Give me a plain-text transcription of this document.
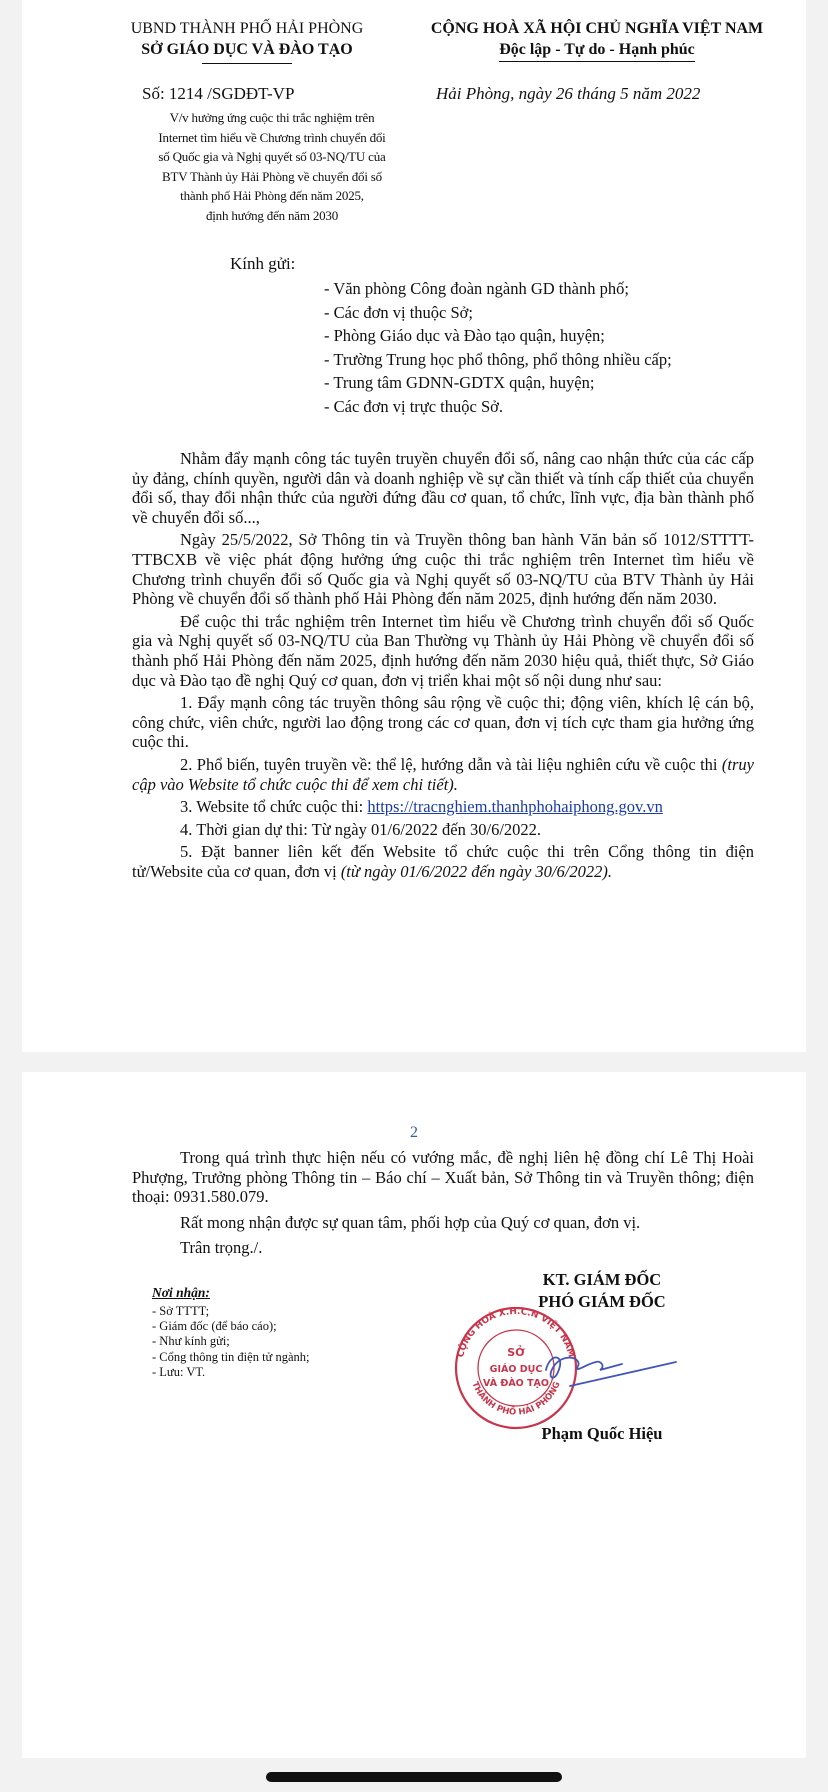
UBND THÀNH PHỐ HẢI PHÒNG
SỞ GIÁO DỤC VÀ ĐÀO TẠO
CỘNG HOÀ XÃ HỘI CHỦ NGHĨA VIỆT NAM
Độc lập - Tự do - Hạnh phúc
Số: 1214 /SGDĐT-VP	Hải Phòng, ngày 26 tháng 5 năm 2022
V/v hưởng ứng cuộc thi trắc nghiệm trên
Internet tìm hiểu về Chương trình chuyển đổi
số Quốc gia và Nghị quyết số 03-NQ/TU của
BTV Thành ủy Hải Phòng về chuyển đổi số
thành phố Hải Phòng đến năm 2025,
định hướng đến năm 2030
Kính gửi:
- Văn phòng Công đoàn ngành GD thành phố;
- Các đơn vị thuộc Sở;
- Phòng Giáo dục và Đào tạo quận, huyện;
- Trường Trung học phổ thông, phổ thông nhiều cấp;
- Trung tâm GDNN-GDTX quận, huyện;
- Các đơn vị trực thuộc Sở.

Nhằm đẩy mạnh công tác tuyên truyền chuyển đổi số, nâng cao nhận thức của các cấp ủy đảng, chính quyền, người dân và doanh nghiệp về sự cần thiết và tính cấp thiết của chuyển đổi số, thay đổi nhận thức của người đứng đầu cơ quan, tổ chức, lĩnh vực, địa bàn thành phố về chuyển đổi số...,

Ngày 25/5/2022, Sở Thông tin và Truyền thông ban hành Văn bản số 1012/STTTT-TTBCXB về việc phát động hưởng ứng cuộc thi trắc nghiệm trên Internet tìm hiểu về Chương trình chuyển đổi số Quốc gia và Nghị quyết số 03-NQ/TU của BTV Thành ủy Hải Phòng về chuyển đổi số thành phố Hải Phòng đến năm 2025, định hướng đến năm 2030.

Để cuộc thi trắc nghiệm trên Internet tìm hiểu về Chương trình chuyển đổi số Quốc gia và Nghị quyết số 03-NQ/TU của Ban Thường vụ Thành ủy Hải Phòng về chuyển đổi số thành phố Hải Phòng đến năm 2025, định hướng đến năm 2030 hiệu quả, thiết thực, Sở Giáo dục và Đào tạo đề nghị Quý cơ quan, đơn vị triển khai một số nội dung như sau:

1. Đẩy mạnh công tác truyền thông sâu rộng về cuộc thi; động viên, khích lệ cán bộ, công chức, viên chức, người lao động trong các cơ quan, đơn vị tích cực tham gia hưởng ứng cuộc thi.

2. Phổ biến, tuyên truyền về: thể lệ, hướng dẫn và tài liệu nghiên cứu về cuộc thi (truy cập vào Website tổ chức cuộc thi để xem chi tiết).

3. Website tổ chức cuộc thi: https://tracnghiem.thanhphohaiphong.gov.vn

4. Thời gian dự thi: Từ ngày 01/6/2022 đến 30/6/2022.

5. Đặt banner liên kết đến Website tổ chức cuộc thi trên Cổng thông tin điện tử/Website của cơ quan, đơn vị (từ ngày 01/6/2022 đến ngày 30/6/2022).

2

Trong quá trình thực hiện nếu có vướng mắc, đề nghị liên hệ đồng chí Lê Thị Hoài Phượng, Trưởng phòng Thông tin – Báo chí – Xuất bản, Sở Thông tin và Truyền thông; điện thoại: 0931.580.079.

Rất mong nhận được sự quan tâm, phối hợp của Quý cơ quan, đơn vị.

Trân trọng./.

Nơi nhận:
- Sở TTTT;
- Giám đốc (để báo cáo);
- Như kính gửi;
- Cổng thông tin điện tử ngành;
- Lưu: VT.
KT. GIÁM ĐỐC
PHÓ GIÁM ĐỐC
CỘNG HOÀ X.H.C.N VIỆT NAM
THÀNH PHỐ HẢI PHÒNG
SỞ
GIÁO DỤC
VÀ ĐÀO TẠO
Phạm Quốc Hiệu
